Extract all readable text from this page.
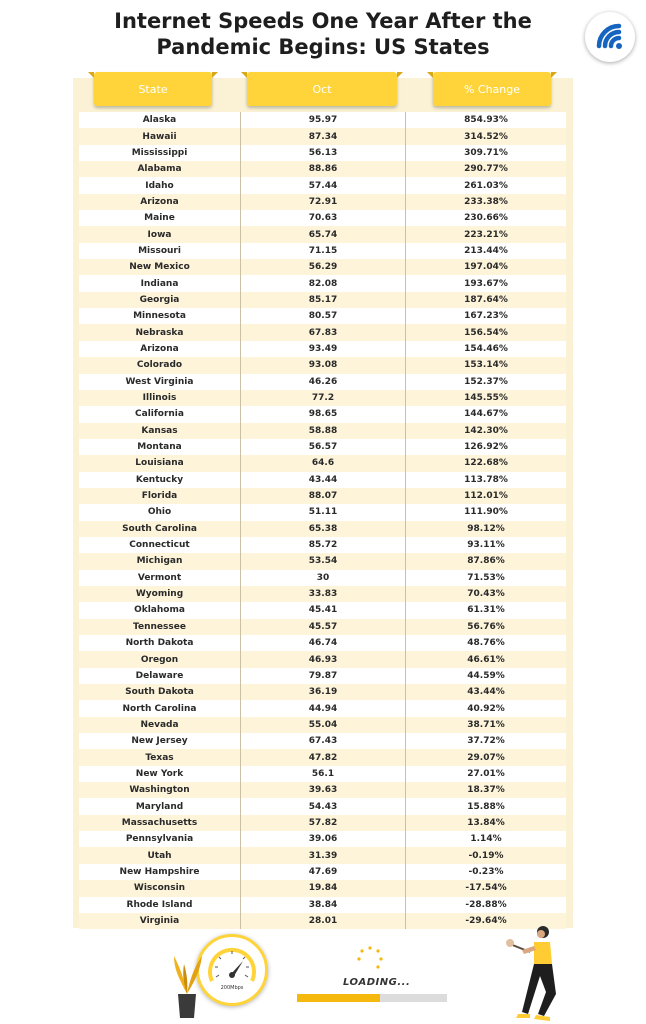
Internet Speeds One Year After the
Pandemic Begins: US States
State	Oct	% Change
Alaska	95.97	854.93%
Hawaii	87.34	314.52%
Mississippi	56.13	309.71%
Alabama	88.86	290.77%
Idaho	57.44	261.03%
Arizona	72.91	233.38%
Maine	70.63	230.66%
Iowa	65.74	223.21%
Missouri	71.15	213.44%
New Mexico	56.29	197.04%
Indiana	82.08	193.67%
Georgia	85.17	187.64%
Minnesota	80.57	167.23%
Nebraska	67.83	156.54%
Arizona	93.49	154.46%
Colorado	93.08	153.14%
West Virginia	46.26	152.37%
Illinois	77.2	145.55%
California	98.65	144.67%
Kansas	58.88	142.30%
Montana	56.57	126.92%
Louisiana	64.6	122.68%
Kentucky	43.44	113.78%
Florida	88.07	112.01%
Ohio	51.11	111.90%
South Carolina	65.38	98.12%
Connecticut	85.72	93.11%
Michigan	53.54	87.86%
Vermont	30	71.53%
Wyoming	33.83	70.43%
Oklahoma	45.41	61.31%
Tennessee	45.57	56.76%
North Dakota	46.74	48.76%
Oregon	46.93	46.61%
Delaware	79.87	44.59%
South Dakota	36.19	43.44%
North Carolina	44.94	40.92%
Nevada	55.04	38.71%
New Jersey	67.43	37.72%
Texas	47.82	29.07%
New York	56.1	27.01%
Washington	39.63	18.37%
Maryland	54.43	15.88%
Massachusetts	57.82	13.84%
Pennsylvania	39.06	1.14%
Utah	31.39	-0.19%
New Hampshire	47.69	-0.23%
Wisconsin	19.84	-17.54%
Rhode Island	38.84	-28.88%
Virginia	28.01	-29.64%
200Mbps	LOADING...
